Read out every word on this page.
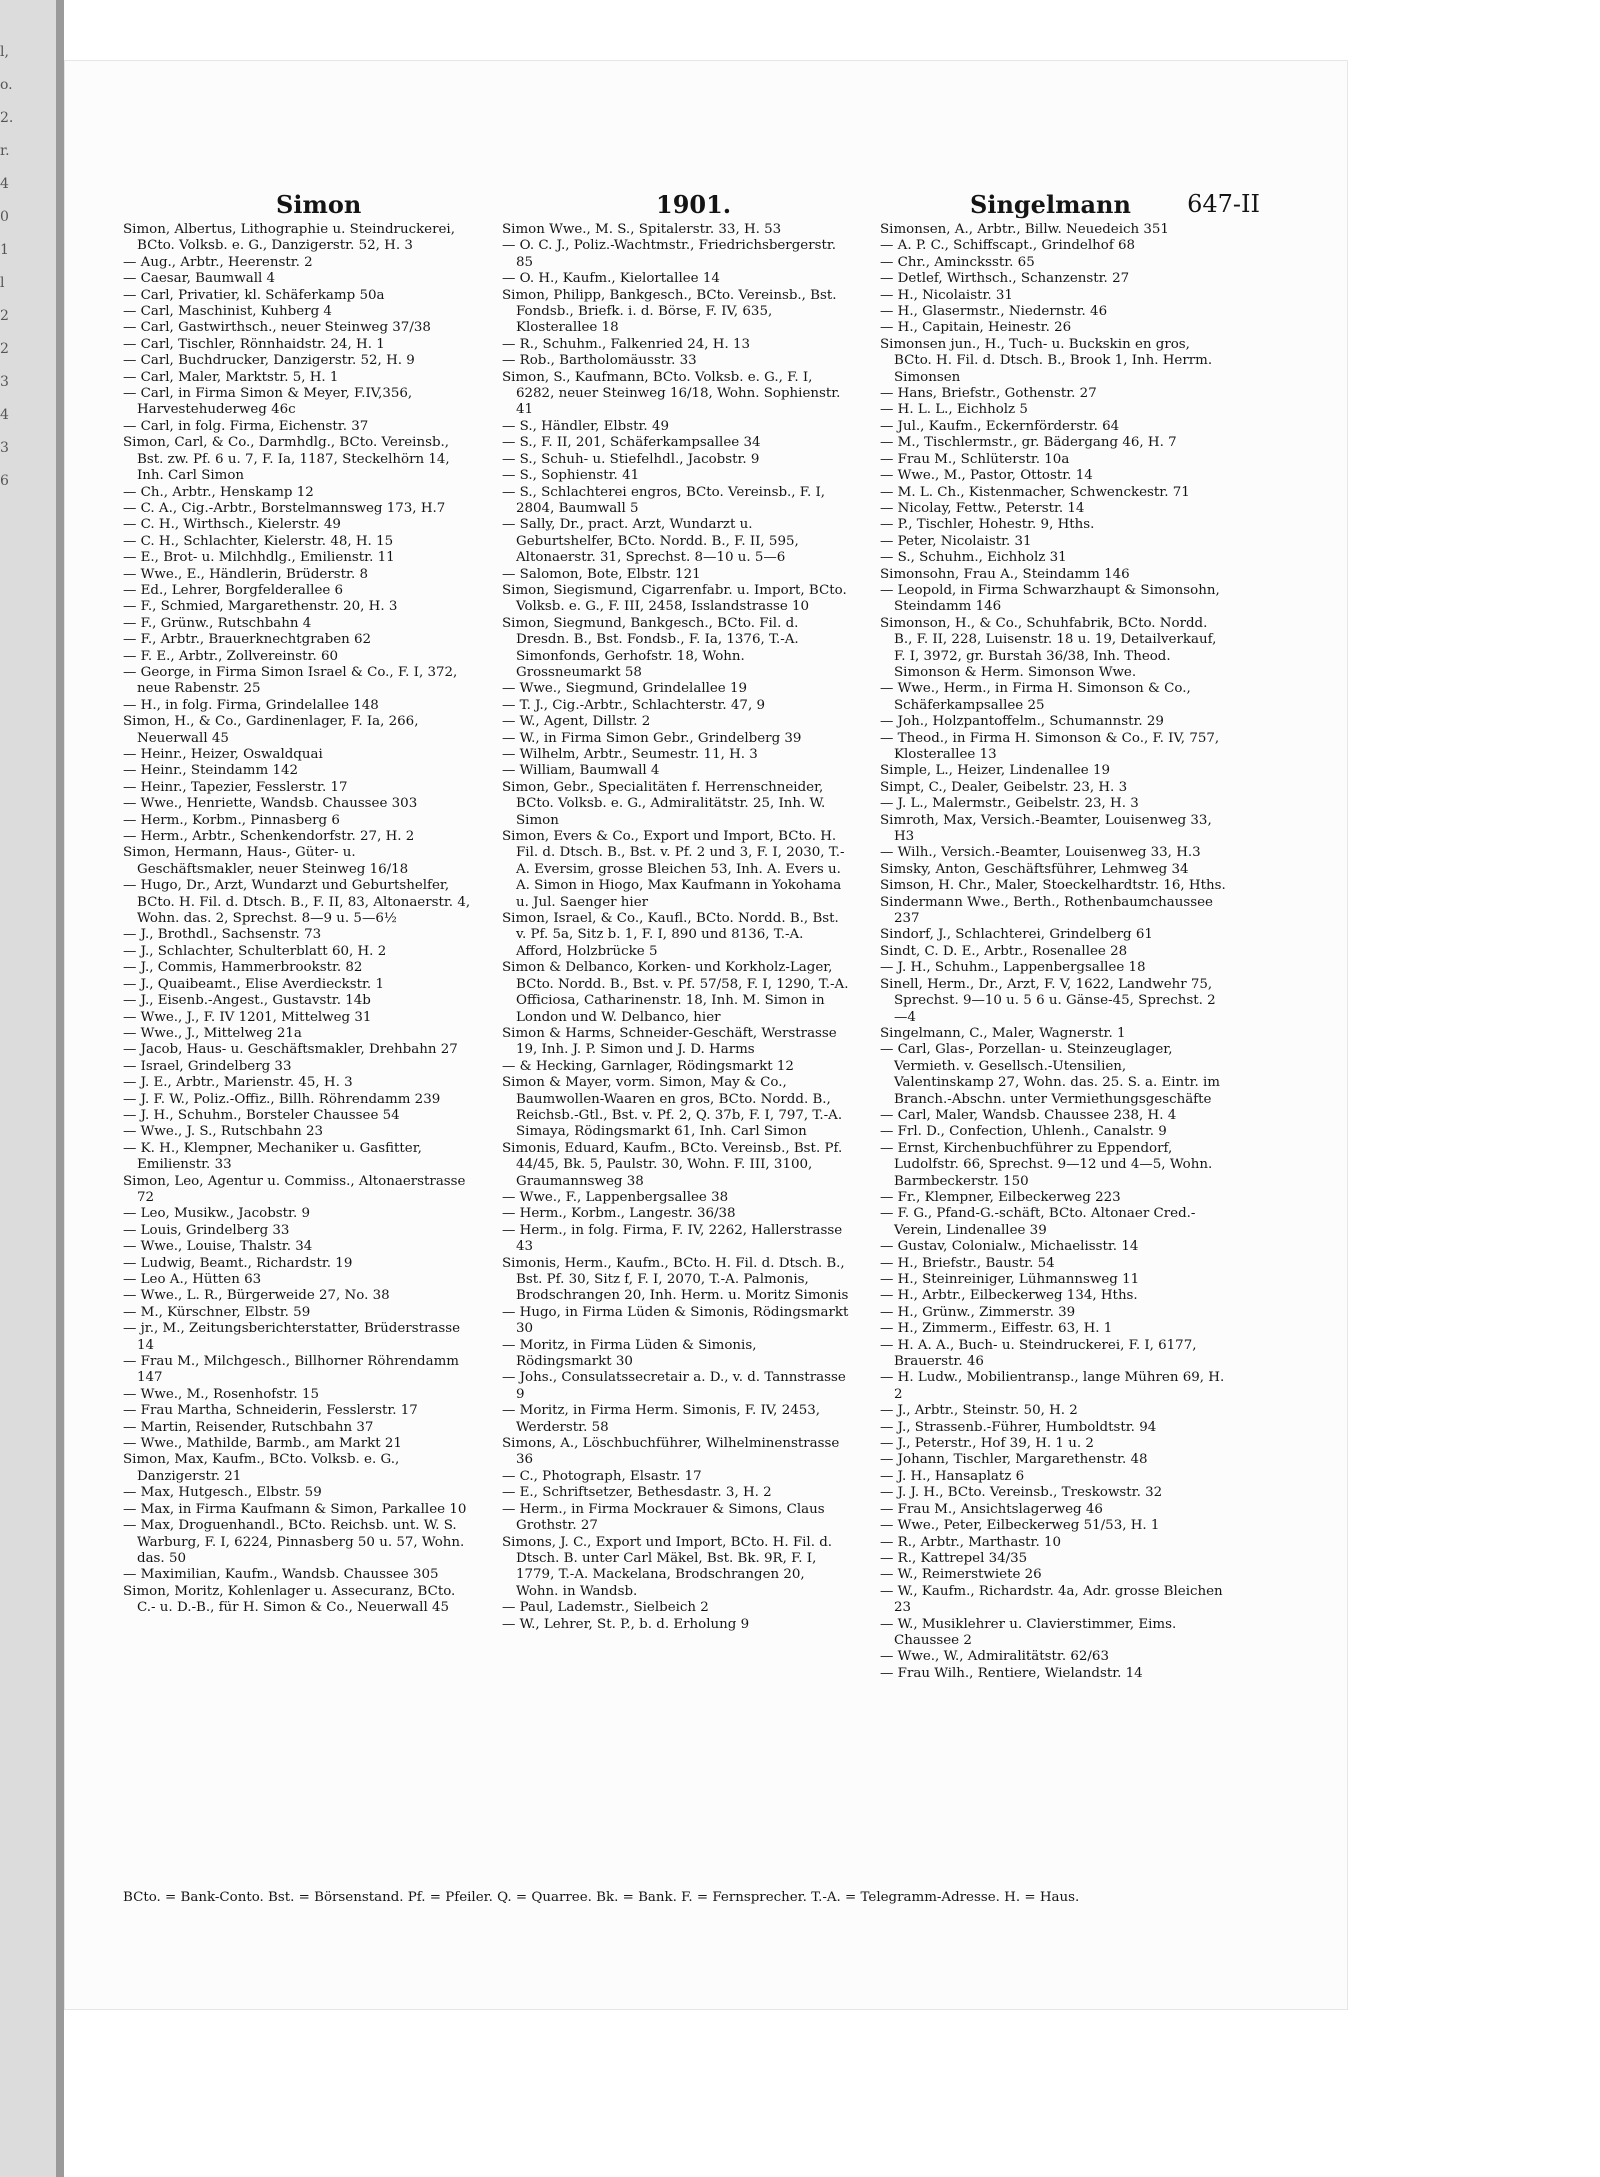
l,
o.
2.
r.
4
0
1
l
2
2
3
4
3
6
Simon	1901.	Singelmann 647-II
Simon, Albertus, Lithographie u. Steindruckerei, BCto. Volksb. e. G., Danzigerstr. 52, H. 3
— Aug., Arbtr., Heerenstr. 2
— Caesar, Baumwall 4
— Carl, Privatier, kl. Schäferkamp 50a
— Carl, Maschinist, Kuhberg 4
— Carl, Gastwirthsch., neuer Steinweg 37/38
— Carl, Tischler, Rönnhaidstr. 24, H. 1
— Carl, Buchdrucker, Danzigerstr. 52, H. 9
— Carl, Maler, Marktstr. 5, H. 1
— Carl, in Firma Simon & Meyer, F.IV,356, Harvestehuderweg 46c
— Carl, in folg. Firma, Eichenstr. 37
Simon, Carl, & Co., Darmhdlg., BCto. Vereinsb., Bst. zw. Pf. 6 u. 7, F. Ia, 1187, Steckelhörn 14, Inh. Carl Simon
— Ch., Arbtr., Henskamp 12
— C. A., Cig.-Arbtr., Borstelmannsweg 173, H.7
— C. H., Wirthsch., Kielerstr. 49
— C. H., Schlachter, Kielerstr. 48, H. 15
— E., Brot- u. Milchhdlg., Emilienstr. 11
— Wwe., E., Händlerin, Brüderstr. 8
— Ed., Lehrer, Borgfelderallee 6
— F., Schmied, Margarethenstr. 20, H. 3
— F., Grünw., Rutschbahn 4
— F., Arbtr., Brauerknechtgraben 62
— F. E., Arbtr., Zollvereinstr. 60
— George, in Firma Simon Israel & Co., F. I, 372, neue Rabenstr. 25
— H., in folg. Firma, Grindelallee 148
Simon, H., & Co., Gardinenlager, F. Ia, 266, Neuerwall 45
— Heinr., Heizer, Oswaldquai
— Heinr., Steindamm 142
— Heinr., Tapezier, Fesslerstr. 17
— Wwe., Henriette, Wandsb. Chaussee 303
— Herm., Korbm., Pinnasberg 6
— Herm., Arbtr., Schenkendorfstr. 27, H. 2
Simon, Hermann, Haus-, Güter- u. Geschäftsmakler, neuer Steinweg 16/18
— Hugo, Dr., Arzt, Wundarzt und Geburtshelfer, BCto. H. Fil. d. Dtsch. B., F. II, 83, Altonaerstr. 4, Wohn. das. 2, Sprechst. 8—9 u. 5—6½
— J., Brothdl., Sachsenstr. 73
— J., Schlachter, Schulterblatt 60, H. 2
— J., Commis, Hammerbrookstr. 82
— J., Quaibeamt., Elise Averdieckstr. 1
— J., Eisenb.-Angest., Gustavstr. 14b
— Wwe., J., F. IV 1201, Mittelweg 31
— Wwe., J., Mittelweg 21a
— Jacob, Haus- u. Geschäftsmakler, Drehbahn 27
— Israel, Grindelberg 33
— J. E., Arbtr., Marienstr. 45, H. 3
— J. F. W., Poliz.-Offiz., Billh. Röhrendamm 239
— J. H., Schuhm., Borsteler Chaussee 54
— Wwe., J. S., Rutschbahn 23
— K. H., Klempner, Mechaniker u. Gasfitter, Emilienstr. 33
Simon, Leo, Agentur u. Commiss., Altonaerstrasse 72
— Leo, Musikw., Jacobstr. 9
— Louis, Grindelberg 33
— Wwe., Louise, Thalstr. 34
— Ludwig, Beamt., Richardstr. 19
— Leo A., Hütten 63
— Wwe., L. R., Bürgerweide 27, No. 38
— M., Kürschner, Elbstr. 59
— jr., M., Zeitungsberichterstatter, Brüderstrasse 14
— Frau M., Milchgesch., Billhorner Röhrendamm 147
— Wwe., M., Rosenhofstr. 15
— Frau Martha, Schneiderin, Fesslerstr. 17
— Martin, Reisender, Rutschbahn 37
— Wwe., Mathilde, Barmb., am Markt 21
Simon, Max, Kaufm., BCto. Volksb. e. G., Danzigerstr. 21
— Max, Hutgesch., Elbstr. 59
— Max, in Firma Kaufmann & Simon, Parkallee 10
— Max, Droguenhandl., BCto. Reichsb. unt. W. S. Warburg, F. I, 6224, Pinnasberg 50 u. 57, Wohn. das. 50
— Maximilian, Kaufm., Wandsb. Chaussee 305
Simon, Moritz, Kohlenlager u. Assecuranz, BCto. C.- u. D.-B., für H. Simon & Co., Neuerwall 45
Simon Wwe., M. S., Spitalerstr. 33, H. 53
— O. C. J., Poliz.-Wachtmstr., Friedrichsbergerstr. 85
— O. H., Kaufm., Kielortallee 14
Simon, Philipp, Bankgesch., BCto. Vereinsb., Bst. Fondsb., Briefk. i. d. Börse, F. IV, 635, Klosterallee 18
— R., Schuhm., Falkenried 24, H. 13
— Rob., Bartholomäusstr. 33
Simon, S., Kaufmann, BCto. Volksb. e. G., F. I, 6282, neuer Steinweg 16/18, Wohn. Sophienstr. 41
— S., Händler, Elbstr. 49
— S., F. II, 201, Schäferkampsallee 34
— S., Schuh- u. Stiefelhdl., Jacobstr. 9
— S., Sophienstr. 41
— S., Schlachterei engros, BCto. Vereinsb., F. I, 2804, Baumwall 5
— Sally, Dr., pract. Arzt, Wundarzt u. Geburtshelfer, BCto. Nordd. B., F. II, 595, Altonaerstr. 31, Sprechst. 8—10 u. 5—6
— Salomon, Bote, Elbstr. 121
Simon, Siegismund, Cigarrenfabr. u. Import, BCto. Volksb. e. G., F. III, 2458, Isslandstrasse 10
Simon, Siegmund, Bankgesch., BCto. Fil. d. Dresdn. B., Bst. Fondsb., F. Ia, 1376, T.-A. Simonfonds, Gerhofstr. 18, Wohn. Grossneumarkt 58
— Wwe., Siegmund, Grindelallee 19
— T. J., Cig.-Arbtr., Schlachterstr. 47, 9
— W., Agent, Dillstr. 2
— W., in Firma Simon Gebr., Grindelberg 39
— Wilhelm, Arbtr., Seumestr. 11, H. 3
— William, Baumwall 4
Simon, Gebr., Specialitäten f. Herrenschneider, BCto. Volksb. e. G., Admiralitätstr. 25, Inh. W. Simon
Simon, Evers & Co., Export und Import, BCto. H. Fil. d. Dtsch. B., Bst. v. Pf. 2 und 3, F. I, 2030, T.-A. Eversim, grosse Bleichen 53, Inh. A. Evers u. A. Simon in Hiogo, Max Kaufmann in Yokohama u. Jul. Saenger hier
Simon, Israel, & Co., Kaufl., BCto. Nordd. B., Bst. v. Pf. 5a, Sitz b. 1, F. I, 890 und 8136, T.-A. Afford, Holzbrücke 5
Simon & Delbanco, Korken- und Korkholz-Lager, BCto. Nordd. B., Bst. v. Pf. 57/58, F. I, 1290, T.-A. Officiosa, Catharinenstr. 18, Inh. M. Simon in London und W. Delbanco, hier
Simon & Harms, Schneider-Geschäft, Werstrasse 19, Inh. J. P. Simon und J. D. Harms
— & Hecking, Garnlager, Rödingsmarkt 12
Simon & Mayer, vorm. Simon, May & Co., Baumwollen-Waaren en gros, BCto. Nordd. B., Reichsb.-Gtl., Bst. v. Pf. 2, Q. 37b, F. I, 797, T.-A. Simaya, Rödingsmarkt 61, Inh. Carl Simon
Simonis, Eduard, Kaufm., BCto. Vereinsb., Bst. Pf. 44/45, Bk. 5, Paulstr. 30, Wohn. F. III, 3100, Graumannsweg 38
— Wwe., F., Lappenbergsallee 38
— Herm., Korbm., Langestr. 36/38
— Herm., in folg. Firma, F. IV, 2262, Hallerstrasse 43
Simonis, Herm., Kaufm., BCto. H. Fil. d. Dtsch. B., Bst. Pf. 30, Sitz f, F. I, 2070, T.-A. Palmonis, Brodschrangen 20, Inh. Herm. u. Moritz Simonis
— Hugo, in Firma Lüden & Simonis, Rödingsmarkt 30
— Moritz, in Firma Lüden & Simonis, Rödingsmarkt 30
— Johs., Consulatssecretair a. D., v. d. Tannstrasse 9
— Moritz, in Firma Herm. Simonis, F. IV, 2453, Werderstr. 58
Simons, A., Löschbuchführer, Wilhelminenstrasse 36
— C., Photograph, Elsastr. 17
— E., Schriftsetzer, Bethesdastr. 3, H. 2
— Herm., in Firma Mockrauer & Simons, Claus Grothstr. 27
Simons, J. C., Export und Import, BCto. H. Fil. d. Dtsch. B. unter Carl Mäkel, Bst. Bk. 9R, F. I, 1779, T.-A. Mackelana, Brodschrangen 20, Wohn. in Wandsb.
— Paul, Lademstr., Sielbeich 2
— W., Lehrer, St. P., b. d. Erholung 9
Simonsen, A., Arbtr., Billw. Neuedeich 351
— A. P. C., Schiffscapt., Grindelhof 68
— Chr., Amincksstr. 65
— Detlef, Wirthsch., Schanzenstr. 27
— H., Nicolaistr. 31
— H., Glasermstr., Niedernstr. 46
— H., Capitain, Heinestr. 26
Simonsen jun., H., Tuch- u. Buckskin en gros, BCto. H. Fil. d. Dtsch. B., Brook 1, Inh. Herrm. Simonsen
— Hans, Briefstr., Gothenstr. 27
— H. L. L., Eichholz 5
— Jul., Kaufm., Eckernförderstr. 64
— M., Tischlermstr., gr. Bädergang 46, H. 7
— Frau M., Schlüterstr. 10a
— Wwe., M., Pastor, Ottostr. 14
— M. L. Ch., Kistenmacher, Schwenckestr. 71
— Nicolay, Fettw., Peterstr. 14
— P., Tischler, Hohestr. 9, Hths.
— Peter, Nicolaistr. 31
— S., Schuhm., Eichholz 31
Simonsohn, Frau A., Steindamm 146
— Leopold, in Firma Schwarzhaupt & Simonsohn, Steindamm 146
Simonson, H., & Co., Schuhfabrik, BCto. Nordd. B., F. II, 228, Luisenstr. 18 u. 19, Detailverkauf, F. I, 3972, gr. Burstah 36/38, Inh. Theod. Simonson & Herm. Simonson Wwe.
— Wwe., Herm., in Firma H. Simonson & Co., Schäferkampsallee 25
— Joh., Holzpantoffelm., Schumannstr. 29
— Theod., in Firma H. Simonson & Co., F. IV, 757, Klosterallee 13
Simple, L., Heizer, Lindenallee 19
Simpt, C., Dealer, Geibelstr. 23, H. 3
— J. L., Malermstr., Geibelstr. 23, H. 3
Simroth, Max, Versich.-Beamter, Louisenweg 33, H3
— Wilh., Versich.-Beamter, Louisenweg 33, H.3
Simsky, Anton, Geschäftsführer, Lehmweg 34
Simson, H. Chr., Maler, Stoeckelhardtstr. 16, Hths.
Sindermann Wwe., Berth., Rothenbaumchaussee 237
Sindorf, J., Schlachterei, Grindelberg 61
Sindt, C. D. E., Arbtr., Rosenallee 28
— J. H., Schuhm., Lappenbergsallee 18
Sinell, Herm., Dr., Arzt, F. V, 1622, Landwehr 75, Sprechst. 9—10 u. 5 6 u. Gänse-45, Sprechst. 2—4
Singelmann, C., Maler, Wagnerstr. 1
— Carl, Glas-, Porzellan- u. Steinzeuglager, Vermieth. v. Gesellsch.-Utensilien, Valentinskamp 27, Wohn. das. 25. S. a. Eintr. im Branch.-Abschn. unter Vermiethungsgeschäfte
— Carl, Maler, Wandsb. Chaussee 238, H. 4
— Frl. D., Confection, Uhlenh., Canalstr. 9
— Ernst, Kirchenbuchführer zu Eppendorf, Ludolfstr. 66, Sprechst. 9—12 und 4—5, Wohn. Barmbeckerstr. 150
— Fr., Klempner, Eilbeckerweg 223
— F. G., Pfand-G.-schäft, BCto. Altonaer Cred.-Verein, Lindenallee 39
— Gustav, Colonialw., Michaelisstr. 14
— H., Briefstr., Baustr. 54
— H., Steinreiniger, Lühmannsweg 11
— H., Arbtr., Eilbeckerweg 134, Hths.
— H., Grünw., Zimmerstr. 39
— H., Zimmerm., Eiffestr. 63, H. 1
— H. A. A., Buch- u. Steindruckerei, F. I, 6177, Brauerstr. 46
— H. Ludw., Mobilientransp., lange Mühren 69, H. 2
— J., Arbtr., Steinstr. 50, H. 2
— J., Strassenb.-Führer, Humboldtstr. 94
— J., Peterstr., Hof 39, H. 1 u. 2
— Johann, Tischler, Margarethenstr. 48
— J. H., Hansaplatz 6
— J. J. H., BCto. Vereinsb., Treskowstr. 32
— Frau M., Ansichtslagerweg 46
— Wwe., Peter, Eilbeckerweg 51/53, H. 1
— R., Arbtr., Marthastr. 10
— R., Kattrepel 34/35
— W., Reimerstwiete 26
— W., Kaufm., Richardstr. 4a, Adr. grosse Bleichen 23
— W., Musiklehrer u. Clavierstimmer, Eims. Chaussee 2
— Wwe., W., Admiralitätstr. 62/63
— Frau Wilh., Rentiere, Wielandstr. 14
BCto. = Bank-Conto. Bst. = Börsenstand. Pf. = Pfeiler. Q. = Quarree. Bk. = Bank. F. = Fernsprecher. T.-A. = Telegramm-Adresse. H. = Haus.
